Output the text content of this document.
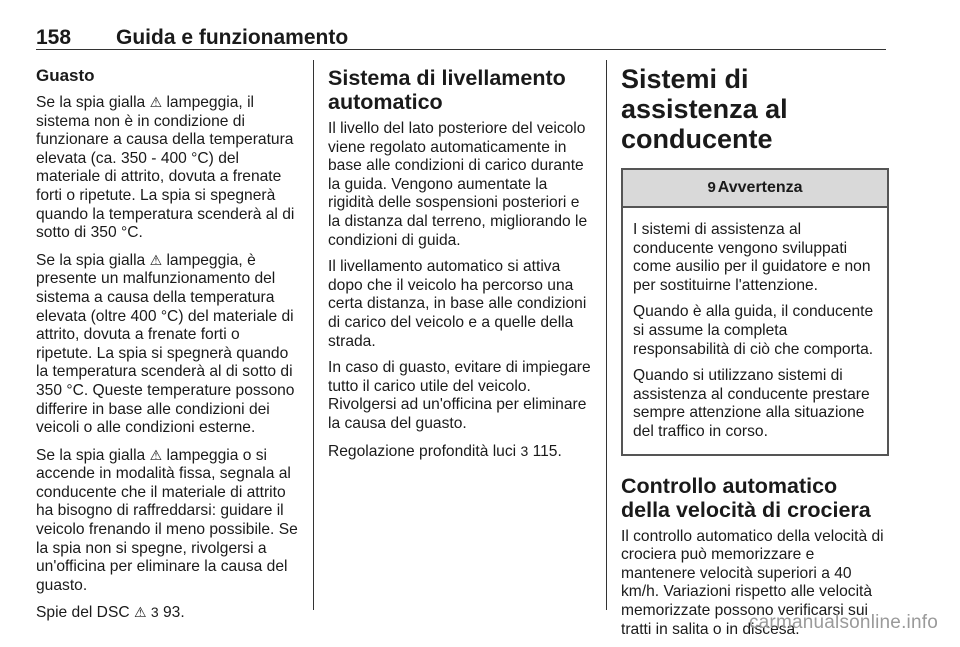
158 Guida e funzionamento
Guasto

Se la spia gialla ⚠ lampeggia, il sistema non è in condizione di funzionare a causa della temperatura elevata (ca. 350 - 400 °C) del materiale di attrito, dovuta a frenate forti o ripetute. La spia si spegnerà quando la temperatura scenderà al di sotto di 350 °C.

Se la spia gialla ⚠ lampeggia, è presente un malfunzionamento del sistema a causa della temperatura elevata (oltre 400 °C) del materiale di attrito, dovuta a frenate forti o ripetute. La spia si spegnerà quando la temperatura scenderà al di sotto di 350 °C. Queste temperature possono differire in base alle condizioni dei veicoli o alle condizioni esterne.

Se la spia gialla ⚠ lampeggia o si accende in modalità fissa, segnala al conducente che il materiale di attrito ha bisogno di raffreddarsi: guidare il veicolo frenando il meno possibile. Se la spia non si spegne, rivolgersi a un'officina per eliminare la causa del guasto.

Spie del DSC ⚠ 3 93.

Sistema di livellamento automatico

Il livello del lato posteriore del veicolo viene regolato automaticamente in base alle condizioni di carico durante la guida. Vengono aumentate la rigidità delle sospensioni posteriori e la distanza dal terreno, migliorando le condizioni di guida.

Il livellamento automatico si attiva dopo che il veicolo ha percorso una certa distanza, in base alle condizioni di carico del veicolo e a quelle della strada.

In caso di guasto, evitare di impiegare tutto il carico utile del veicolo. Rivolgersi ad un'officina per eliminare la causa del guasto.

Regolazione profondità luci 3 115.

Sistemi di assistenza al conducente
9 Avvertenza

I sistemi di assistenza al conducente vengono sviluppati come ausilio per il guidatore e non per sostituirne l'attenzione.

Quando è alla guida, il conducente si assume la completa responsabilità di ciò che comporta.

Quando si utilizzano sistemi di assistenza al conducente prestare sempre attenzione alla situazione del traffico in corso.

Controllo automatico della velocità di crociera

Il controllo automatico della velocità di crociera può memorizzare e mantenere velocità superiori a 40 km/h. Variazioni rispetto alle velocità memorizzate possono verificarsi sui tratti in salita o in discesa.

carmanualsonline.info
